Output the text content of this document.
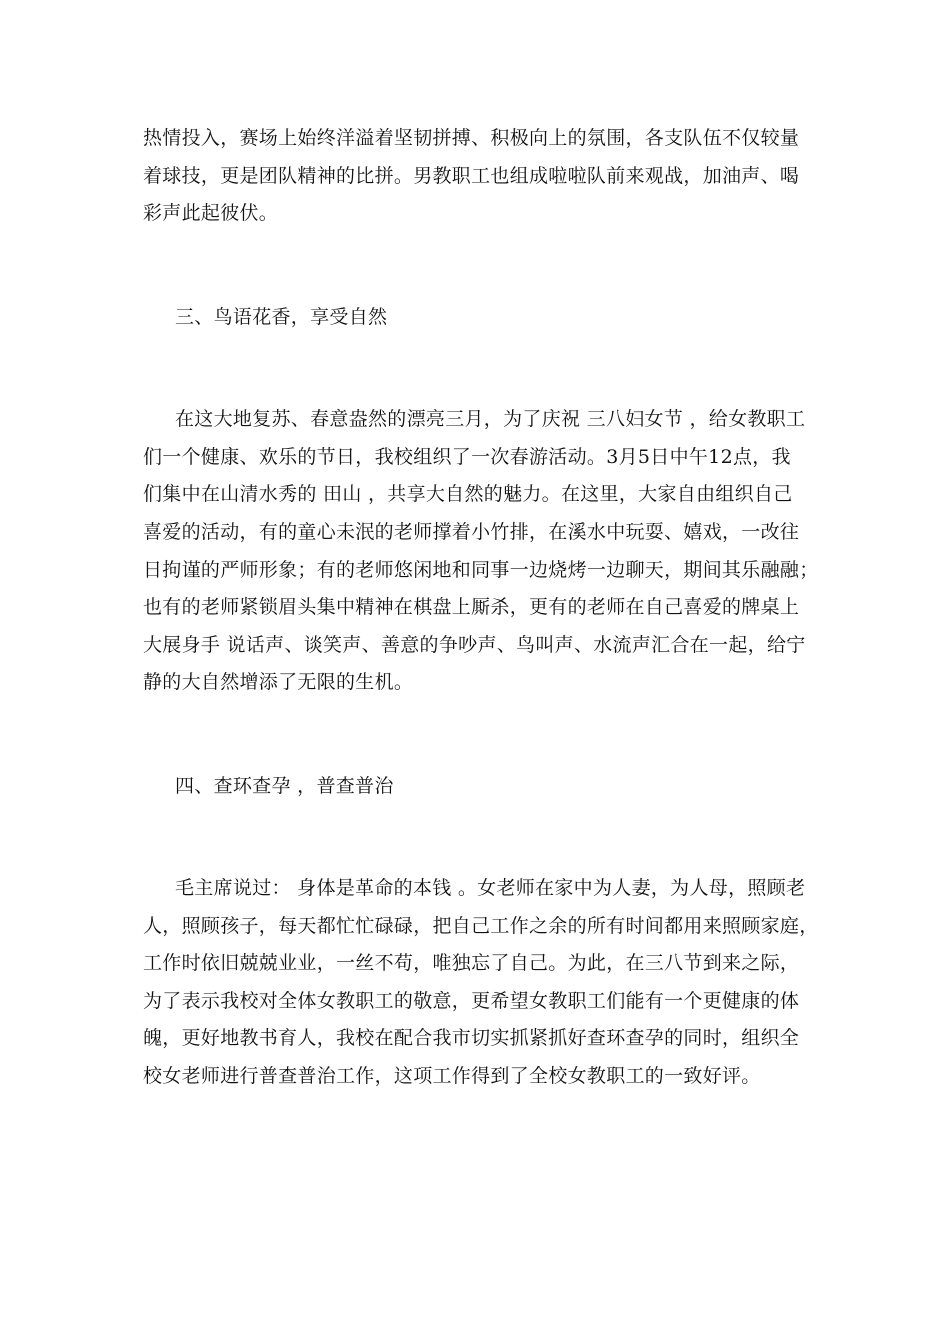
热情投入，赛场上始终洋溢着坚韧拼搏、积极向上的氛围，各支队伍不仅较量
着球技，更是团队精神的比拼。男教职工也组成啦啦队前来观战，加油声、喝
彩声此起彼伏。
三、鸟语花香，享受自然
在这大地复苏、春意盎然的漂亮三月，为了庆祝 三八妇女节 ，给女教职工
们一个健康、欢乐的节日，我校组织了一次春游活动。3月5日中午12点，我
们集中在山清水秀的 田山 ，共享大自然的魅力。在这里，大家自由组织自己
喜爱的活动，有的童心未泯的老师撑着小竹排，在溪水中玩耍、嬉戏，一改往
日拘谨的严师形象；有的老师悠闲地和同事一边烧烤一边聊天，期间其乐融融；
也有的老师紧锁眉头集中精神在棋盘上厮杀，更有的老师在自己喜爱的牌桌上
大展身手 说话声、谈笑声、善意的争吵声、鸟叫声、水流声汇合在一起，给宁
静的大自然增添了无限的生机。
四、查环查孕 ，普查普治
毛主席说过： 身体是革命的本钱 。女老师在家中为人妻，为人母，照顾老
人，照顾孩子，每天都忙忙碌碌，把自己工作之余的所有时间都用来照顾家庭，
工作时依旧兢兢业业，一丝不苟，唯独忘了自己。为此，在三八节到来之际，
为了表示我校对全体女教职工的敬意，更希望女教职工们能有一个更健康的体
魄，更好地教书育人，我校在配合我市切实抓紧抓好查环查孕的同时，组织全
校女老师进行普查普治工作，这项工作得到了全校女教职工的一致好评。
